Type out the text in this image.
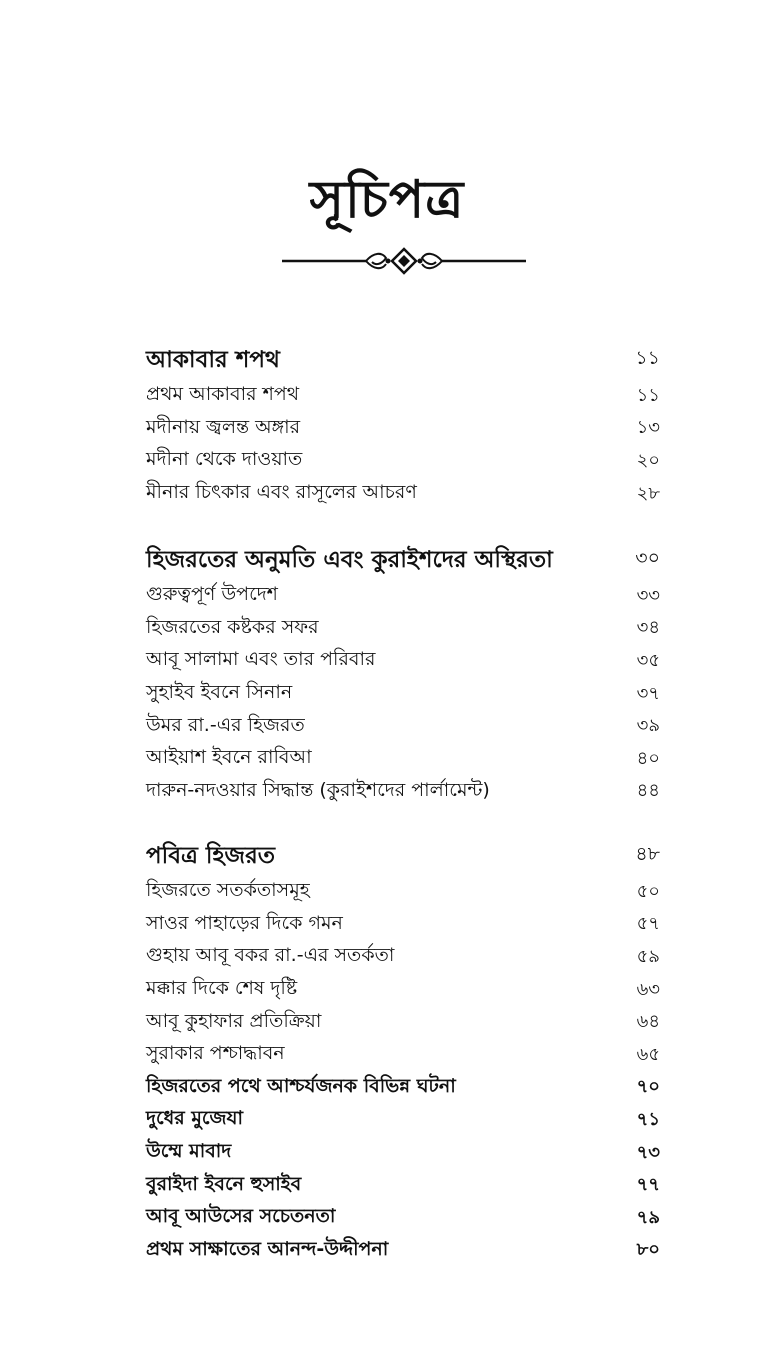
সূচিপত্র
আকাবার শপথ	১১
প্রথম আকাবার শপথ	১১
মদীনায় জ্বলন্ত অঙ্গার	১৩
মদীনা থেকে দাওয়াত	২০
মীনার চিৎকার এবং রাসূলের আচরণ	২৮
হিজরতের অনুমতি এবং কুরাইশদের অস্থিরতা	৩০
গুরুত্বপূর্ণ উপদেশ	৩৩
হিজরতের কষ্টকর সফর	৩৪
আবূ সালামা এবং তার পরিবার	৩৫
সুহাইব ইবনে সিনান	৩৭
উমর রা.-এর হিজরত	৩৯
আইয়াশ ইবনে রাবিআ	৪০
দারুন-নদওয়ার সিদ্ধান্ত (কুরাইশদের পার্লামেন্ট)	৪৪
পবিত্র হিজরত	৪৮
হিজরতে সতর্কতাসমূহ	৫০
সাওর পাহাড়ের দিকে গমন	৫৭
গুহায় আবূ বকর রা.-এর সতর্কতা	৫৯
মক্কার দিকে শেষ দৃষ্টি	৬৩
আবূ কুহাফার প্রতিক্রিয়া	৬৪
সুরাকার পশ্চাদ্ধাবন	৬৫
হিজরতের পথে আশ্চর্যজনক বিভিন্ন ঘটনা	৭০
দুধের মুজেযা	৭১
উম্মে মাবাদ	৭৩
বুরাইদা ইবনে হুসাইব	৭৭
আবূ আউসের সচেতনতা	৭৯
প্রথম সাক্ষাতের আনন্দ-উদ্দীপনা	৮০
